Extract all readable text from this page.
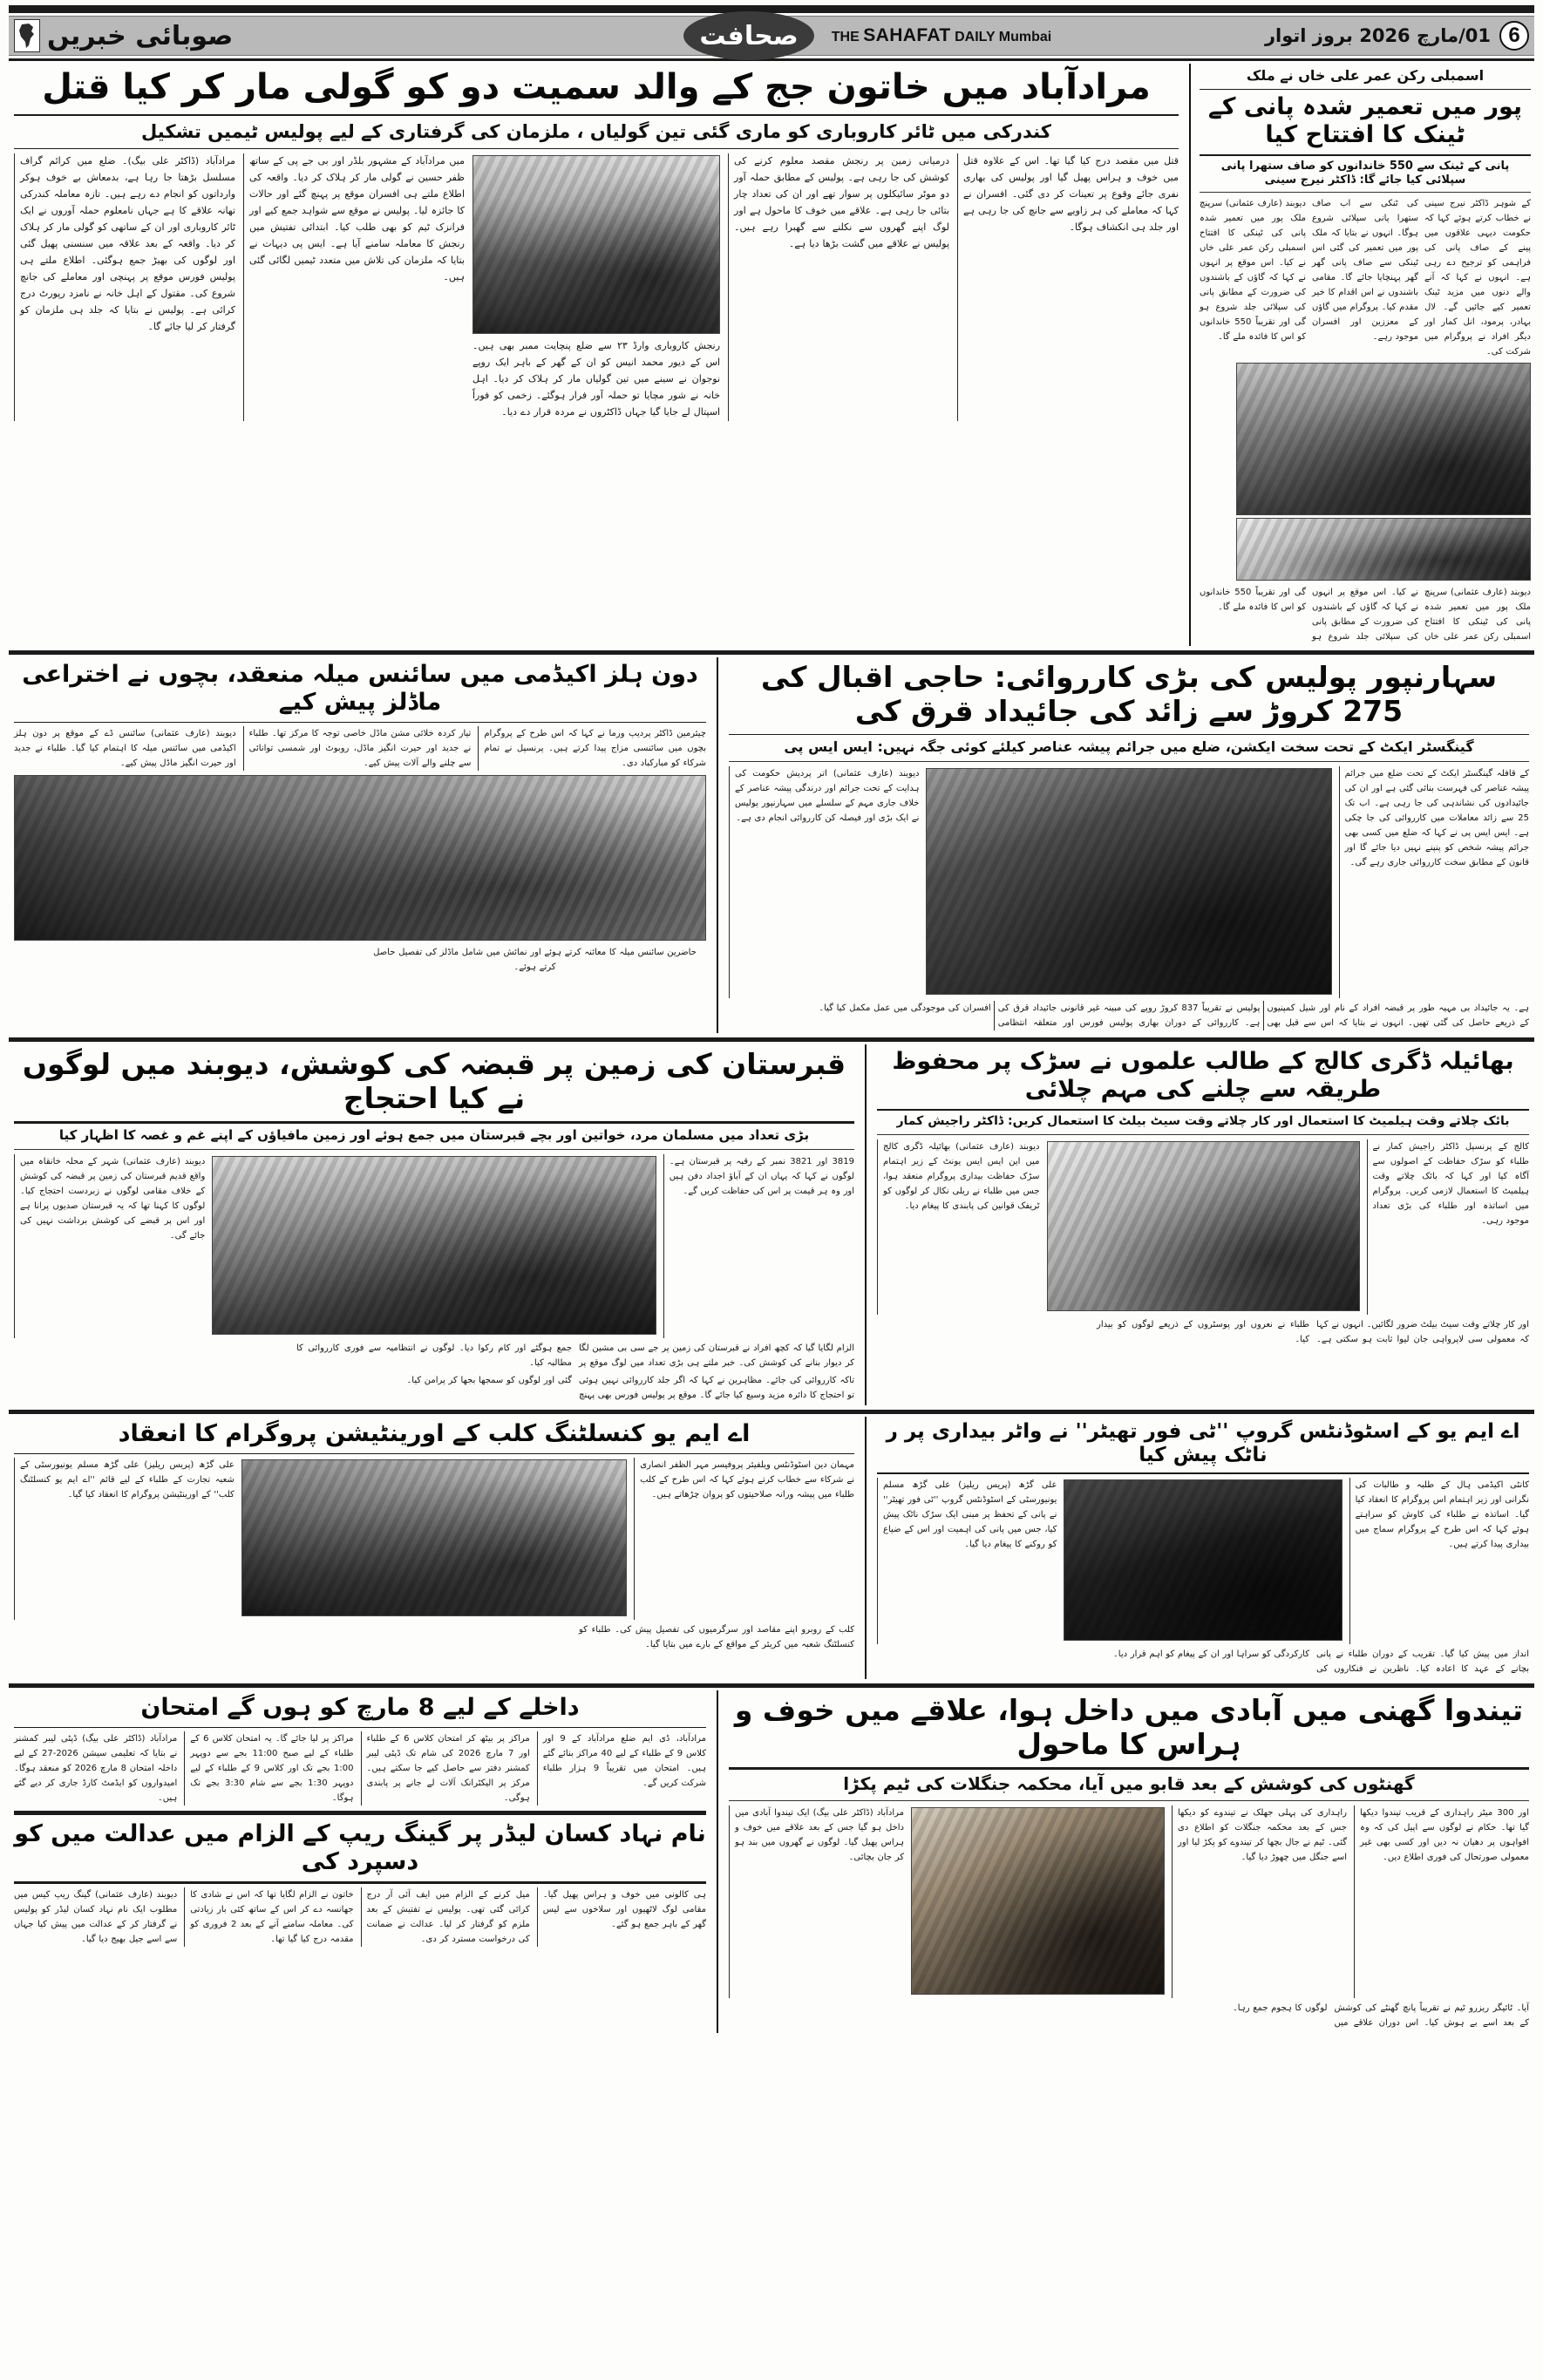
6
01/مارچ 2026 بروز اتوار
صحافت	THE SAHAFAT DAILY Mumbai
صوبائی خبریں
اسمبلی رکن عمر علی خاں نے ملک
پور میں تعمیر شدہ پانی کے ٹینک کا افتتاح کیا
پانی کے ٹینک سے 550 خاندانوں کو صاف ستھرا پانی سپلائی کیا جائے گا: ڈاکٹر نیرج سینی
کے شوہر ڈاکٹر نیرج سینی نے خطاب کرتے ہوئے کہا کہ حکومت دیہی علاقوں میں پینے کے صاف پانی کی فراہمی کو ترجیح دے رہی ہے۔ انہوں نے کہا کہ آنے والے دنوں میں مزید ٹینک تعمیر کیے جائیں گے۔ لال بہادر، پرمود، انل کمار اور دیگر افراد نے پروگرام میں شرکت کی۔
کی ٹنکی سے اب صاف ستھرا پانی سپلائی شروع ہوگا۔ انہوں نے بتایا کہ ملک پور میں تعمیر کی گئی اس ٹینکی سے صاف پانی گھر گھر پہنچایا جائے گا۔ مقامی باشندوں نے اس اقدام کا خیر مقدم کیا۔ پروگرام میں گاؤں کے معززین اور افسران موجود رہے۔
دیوبند (عارف عثمانی) سرپنچ ملک پور میں تعمیر شدہ پانی کی ٹینکی کا افتتاح اسمبلی رکن عمر علی خاں نے کیا۔ اس موقع پر انہوں نے کہا کہ گاؤں کے باشندوں کی ضرورت کے مطابق پانی کی سپلائی جلد شروع ہو گی اور تقریباً 550 خاندانوں کو اس کا فائدہ ملے گا۔
دیوبند (عارف عثمانی) سرپنچ ملک پور میں تعمیر شدہ پانی کی ٹینکی کا افتتاح اسمبلی رکن عمر علی خاں نے کیا۔ اس موقع پر انہوں نے کہا کہ گاؤں کے باشندوں کی ضرورت کے مطابق پانی کی سپلائی جلد شروع ہو گی اور تقریباً 550 خاندانوں کو اس کا فائدہ ملے گا۔
مرادآباد میں خاتون جج کے والد سمیت دو کو گولی مار کر کیا قتل
کندرکی میں ٹائر کاروباری کو ماری گئی تین گولیاں ، ملزمان کی گرفتاری کے لیے پولیس ٹیمیں تشکیل
قتل میں مقصد درج کیا گیا تھا۔ اس کے علاوہ قتل میں خوف و ہراس پھیل گیا اور پولیس کی بھاری نفری جائے وقوع پر تعینات کر دی گئی۔ افسران نے کہا کہ معاملے کی ہر زاویے سے جانچ کی جا رہی ہے اور جلد ہی انکشاف ہوگا۔
درمیانی زمین پر رنجش مقصد معلوم کرنے کی کوشش کی جا رہی ہے۔ پولیس کے مطابق حملہ آور دو موٹر سائیکلوں پر سوار تھے اور ان کی تعداد چار بتائی جا رہی ہے۔ علاقے میں خوف کا ماحول ہے اور لوگ اپنے گھروں سے نکلنے سے گھبرا رہے ہیں۔ پولیس نے علاقے میں گشت بڑھا دیا ہے۔
رنجش کاروباری وارڈ ۲۳ سے ضلع پنچایت ممبر بھی ہیں۔ اس کے دیور محمد انیس کو ان کے گھر کے باہر ایک روپے نوجوان نے سینے میں تین گولیاں مار کر ہلاک کر دیا۔ اہل خانہ نے شور مچایا تو حملہ آور فرار ہوگئے۔ زخمی کو فوراً اسپتال لے جایا گیا جہاں ڈاکٹروں نے مردہ قرار دے دیا۔
میں مرادآباد کے مشہور بلڈر اور بی جے پی کے ساتھ ظفر حسین نے گولی مار کر ہلاک کر دیا۔ واقعہ کی اطلاع ملتے ہی افسران موقع پر پہنچ گئے اور حالات کا جائزہ لیا۔ پولیس نے موقع سے شواہد جمع کیے اور فرانزک ٹیم کو بھی طلب کیا۔ ابتدائی تفتیش میں رنجش کا معاملہ سامنے آیا ہے۔ ایس پی دیہات نے بتایا کہ ملزمان کی تلاش میں متعدد ٹیمیں لگائی گئی ہیں۔
مرادآباد (ڈاکٹر علی بیگ)۔ ضلع میں کرائم گراف مسلسل بڑھتا جا رہا ہے، بدمعاش بے خوف ہوکر وارداتوں کو انجام دے رہے ہیں۔ تازہ معاملہ کندرکی تھانہ علاقے کا ہے جہاں نامعلوم حملہ آوروں نے ایک ٹائر کاروباری اور ان کے ساتھی کو گولی مار کر ہلاک کر دیا۔ واقعہ کے بعد علاقہ میں سنسنی پھیل گئی اور لوگوں کی بھیڑ جمع ہوگئی۔ اطلاع ملتے ہی پولیس فورس موقع پر پہنچی اور معاملے کی جانچ شروع کی۔ مقتول کے اہل خانہ نے نامزد رپورٹ درج کرائی ہے۔ پولیس نے بتایا کہ جلد ہی ملزمان کو گرفتار کر لیا جائے گا۔
سہارنپور پولیس کی بڑی کارروائی: حاجی اقبال کی 275 کروڑ سے زائد کی جائیداد قرق کی
گینگسٹر ایکٹ کے تحت سخت ایکشن، ضلع میں جرائم پیشہ عناصر کیلئے کوئی جگہ نہیں: ایس ایس پی
کے قافلہ گینگسٹر ایکٹ کے تحت ضلع میں جرائم پیشہ عناصر کی فہرست بنائی گئی ہے اور ان کی جائیدادوں کی نشاندہی کی جا رہی ہے۔ اب تک 25 سے زائد معاملات میں کارروائی کی جا چکی ہے۔ ایس ایس پی نے کہا کہ ضلع میں کسی بھی جرائم پیشہ شخص کو پنپنے نہیں دیا جائے گا اور قانون کے مطابق سخت کارروائی جاری رہے گی۔
دیوبند (عارف عثمانی) اتر پردیش حکومت کی ہدایت کے تحت جرائم اور درندگی پیشہ عناصر کے خلاف جاری مہم کے سلسلے میں سہارنپور پولیس نے ایک بڑی اور فیصلہ کن کارروائی انجام دی ہے۔
ہے۔ یہ جائیداد بی مہیہ طور پر قبضہ افراد کے نام اور شیل کمپنیوں کے ذریعے حاصل کی گئی تھیں۔ انہوں نے بتایا کہ اس سے قبل بھی پولیس نے تقریباً 837 کروڑ روپے کی مبینہ غیر قانونی جائیداد قرق کی ہے۔ کارروائی کے دوران بھاری پولیس فورس اور متعلقہ انتظامی افسران کی موجودگی میں عمل مکمل کیا گیا۔
دون ہلز اکیڈمی میں سائنس میلہ منعقد، بچوں نے اختراعی ماڈلز پیش کیے
چیئرمین ڈاکٹر پردیپ ورما نے کہا کہ اس طرح کے پروگرام بچوں میں سائنسی مزاج پیدا کرتے ہیں۔ پرنسپل نے تمام شرکاء کو مبارکباد دی۔
تیار کردہ خلائی مشن ماڈل خاصی توجہ کا مرکز تھا۔ طلباء نے جدید اور حیرت انگیز ماڈل، روبوٹ اور شمسی توانائی سے چلنے والے آلات پیش کیے۔
دیوبند (عارف عثمانی) سائنس ڈے کے موقع پر دون ہلز اکیڈمی میں سائنس میلہ کا اہتمام کیا گیا۔ طلباء نے جدید اور حیرت انگیز ماڈل پیش کیے۔
حاضرین سائنس میلہ کا معائنہ کرتے ہوئے اور نمائش میں شامل ماڈلز کی تفصیل حاصل کرتے ہوئے۔
بھائیلہ ڈگری کالج کے طالب علموں نے سڑک پر محفوظ طریقہ سے چلنے کی مہم چلائی
بائک چلاتے وقت ہیلمیٹ کا استعمال اور کار چلاتے وقت سیٹ بیلٹ کا استعمال کریں: ڈاکٹر راجیش کمار
کالج کے پرنسپل ڈاکٹر راجیش کمار نے طلباء کو سڑک حفاظت کے اصولوں سے آگاہ کیا اور کہا کہ بائک چلاتے وقت ہیلمیٹ کا استعمال لازمی کریں۔ پروگرام میں اساتذہ اور طلباء کی بڑی تعداد موجود رہی۔
دیوبند (عارف عثمانی) بھائیلہ ڈگری کالج میں این ایس ایس یونٹ کے زیر اہتمام سڑک حفاظت بیداری پروگرام منعقد ہوا، جس میں طلباء نے ریلی نکال کر لوگوں کو ٹریفک قوانین کی پابندی کا پیغام دیا۔
اور کار چلاتے وقت سیٹ بیلٹ ضرور لگائیں۔ انہوں نے کہا کہ معمولی سی لاپرواہی جان لیوا ثابت ہو سکتی ہے۔ طلباء نے نعروں اور پوسٹروں کے ذریعے لوگوں کو بیدار کیا۔
قبرستان کی زمین پر قبضہ کی کوشش، دیوبند میں لوگوں نے کیا احتجاج
بڑی تعداد میں مسلمان مرد، خواتین اور بچے قبرستان میں جمع ہوئے اور زمین مافیاؤں کے اپنے غم و غصہ کا اظہار کیا
3819 اور 3821 نمبر کے رقبہ پر قبرستان ہے۔ لوگوں نے کہا کہ یہاں ان کے آباؤ اجداد دفن ہیں اور وہ ہر قیمت پر اس کی حفاظت کریں گے۔
دیوبند (عارف عثمانی) شہر کے محلہ خانقاہ میں واقع قدیم قبرستان کی زمین پر قبضہ کی کوشش کے خلاف مقامی لوگوں نے زبردست احتجاج کیا۔ لوگوں کا کہنا تھا کہ یہ قبرستان صدیوں پرانا ہے اور اس پر قبضے کی کوشش برداشت نہیں کی جائے گی۔
الزام لگایا گیا کہ کچھ افراد نے قبرستان کی زمین پر جے سی بی مشین لگا کر دیوار بنانے کی کوشش کی۔ خبر ملتے ہی بڑی تعداد میں لوگ موقع پر جمع ہوگئے اور کام رکوا دیا۔ لوگوں نے انتظامیہ سے فوری کارروائی کا مطالبہ کیا۔
تاکہ کارروائی کی جائے۔ مظاہرین نے کہا کہ اگر جلد کارروائی نہیں ہوئی تو احتجاج کا دائرہ مزید وسیع کیا جائے گا۔ موقع پر پولیس فورس بھی پہنچ گئی اور لوگوں کو سمجھا بجھا کر پرامن کیا۔
اے ایم یو کے اسٹوڈنٹس گروپ ''ٹی فور تھیٹر'' نے واٹر بیداری پر ر ناٹک پیش کیا
کانٹی اکیڈمی ہال کے طلبہ و طالبات کی نگرانی اور زیر اہتمام اس پروگرام کا انعقاد کیا گیا۔ اساتذہ نے طلباء کی کاوش کو سراہتے ہوئے کہا کہ اس طرح کے پروگرام سماج میں بیداری پیدا کرتے ہیں۔
علی گڑھ (پریس ریلیز) علی گڑھ مسلم یونیورسٹی کے اسٹوڈنٹس گروپ ''ٹی فور تھیٹر'' نے پانی کے تحفظ پر مبنی ایک سڑک ناٹک پیش کیا، جس میں پانی کی اہمیت اور اس کے ضیاع کو روکنے کا پیغام دیا گیا۔
انداز میں پیش کیا گیا۔ تقریب کے دوران طلباء نے پانی بچانے کے عہد کا اعادہ کیا۔ ناظرین نے فنکاروں کی کارکردگی کو سراہا اور ان کے پیغام کو اہم قرار دیا۔
اے ایم یو کنسلٹنگ کلب کے اورینٹیشن پروگرام کا انعقاد
مہمان دین اسٹوڈنٹس ویلفیئر پروفیسر مہر الظفر انصاری نے شرکاء سے خطاب کرتے ہوئے کہا کہ اس طرح کے کلب طلباء میں پیشہ ورانہ صلاحیتوں کو پروان چڑھاتے ہیں۔
علی گڑھ (پریس ریلیز) علی گڑھ مسلم یونیورسٹی کے شعبہ تجارت کے طلباء کے لیے قائم ''اے ایم یو کنسلٹنگ کلب'' کے اورینٹیشن پروگرام کا انعقاد کیا گیا۔
کلب کے روبرو اپنے مقاصد اور سرگرمیوں کی تفصیل پیش کی۔ طلباء کو کنسلٹنگ شعبہ میں کریئر کے مواقع کے بارے میں بتایا گیا۔
تیندوا گھنی میں آبادی میں داخل ہوا، علاقے میں خوف و ہراس کا ماحول
گھنٹوں کی کوشش کے بعد قابو میں آیا، محکمہ جنگلات کی ٹیم پکڑا
اور 300 میٹر راہداری کے قریب تیندوا دیکھا گیا تھا۔ حکام نے لوگوں سے اپیل کی کہ وہ افواہوں پر دھیان نہ دیں اور کسی بھی غیر معمولی صورتحال کی فوری اطلاع دیں۔
راہداری کی پہلی جھلک نے تیندوے کو دیکھا جس کے بعد محکمہ جنگلات کو اطلاع دی گئی۔ ٹیم نے جال بچھا کر تیندوے کو پکڑ لیا اور اسے جنگل میں چھوڑ دیا گیا۔
مرادآباد (ڈاکٹر علی بیگ) ایک تیندوا آبادی میں داخل ہو گیا جس کے بعد علاقے میں خوف و ہراس پھیل گیا۔ لوگوں نے گھروں میں بند ہو کر جان بچائی۔
آیا۔ ٹائیگر ریزرو ٹیم نے تقریباً پانچ گھنٹے کی کوشش کے بعد اسے بے ہوش کیا۔ اس دوران علاقے میں لوگوں کا ہجوم جمع رہا۔
داخلے کے لیے 8 مارچ کو ہوں گے امتحان
مرادآباد، ڈی ایم ضلع مرادآباد کے 9 اور کلاس 9 کے طلباء کے لیے 40 مراکز بنائے گئے ہیں۔ امتحان میں تقریباً 9 ہزار طلباء شرکت کریں گے۔
مراکز پر بیٹھ کر امتحان کلاس 6 کے طلباء اور 7 مارچ 2026 کی شام تک ڈپٹی لیبر کمشنر دفتر سے حاصل کیے جا سکتے ہیں۔ مرکز پر الیکٹرانک آلات لے جانے پر پابندی ہوگی۔
مراکز پر لیا جائے گا۔ یہ امتحان کلاس 6 کے طلباء کے لیے صبح 11:00 بجے سے دوپہر 1:00 بجے تک اور کلاس 9 کے طلباء کے لیے دوپہر 1:30 بجے سے شام 3:30 بجے تک ہوگا۔
مرادآباد (ڈاکٹر علی بیگ) ڈپٹی لیبر کمشنر نے بتایا کہ تعلیمی سیشن 2026-27 کے لیے داخلہ امتحان 8 مارچ 2026 کو منعقد ہوگا۔ امیدواروں کو ایڈمٹ کارڈ جاری کر دیے گئے ہیں۔
نام نہاد کسان لیڈر پر گینگ ریپ کے الزام میں عدالت میں کو دسپرد کی
ہی کالونی میں خوف و ہراس پھیل گیا۔ مقامی لوگ لاٹھیوں اور سلاخوں سے لیس گھر کے باہر جمع ہو گئے۔
میل کرنے کے الزام میں ایف آئی آر درج کرائی گئی تھی۔ پولیس نے تفتیش کے بعد ملزم کو گرفتار کر لیا۔ عدالت نے ضمانت کی درخواست مسترد کر دی۔
خاتون نے الزام لگایا تھا کہ اس نے شادی کا جھانسہ دے کر اس کے ساتھ کئی بار زیادتی کی۔ معاملہ سامنے آنے کے بعد 2 فروری کو مقدمہ درج کیا گیا تھا۔
دیوبند (عارف عثمانی) گینگ ریپ کیس میں مطلوب ایک نام نہاد کسان لیڈر کو پولیس نے گرفتار کر کے عدالت میں پیش کیا جہاں سے اسے جیل بھیج دیا گیا۔
